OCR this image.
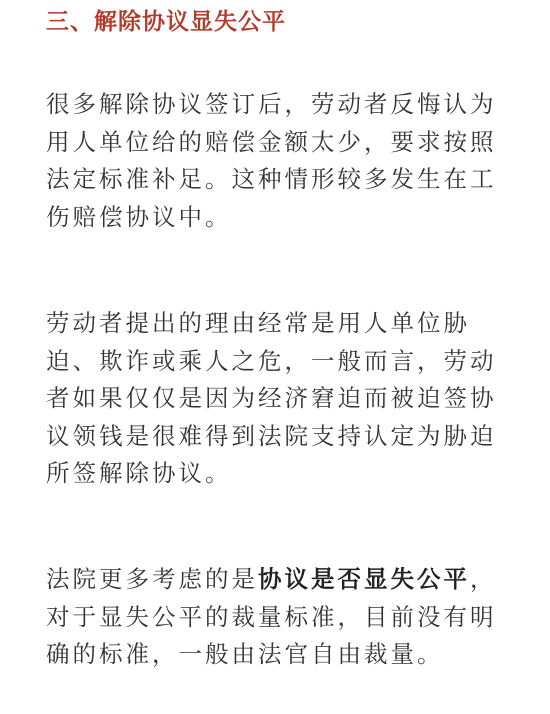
三、解除协议显失公平

很多解除协议签订后，劳动者反悔认为用人单位给的赔偿金额太少，要求按照法定标准补足。这种情形较多发生在工伤赔偿协议中。

劳动者提出的理由经常是用人单位胁迫、欺诈或乘人之危，一般而言，劳动者如果仅仅是因为经济窘迫而被迫签协议领钱是很难得到法院支持认定为胁迫所签解除协议。

法院更多考虑的是协议是否显失公平，对于显失公平的裁量标准，目前没有明确的标准，一般由法官自由裁量。
